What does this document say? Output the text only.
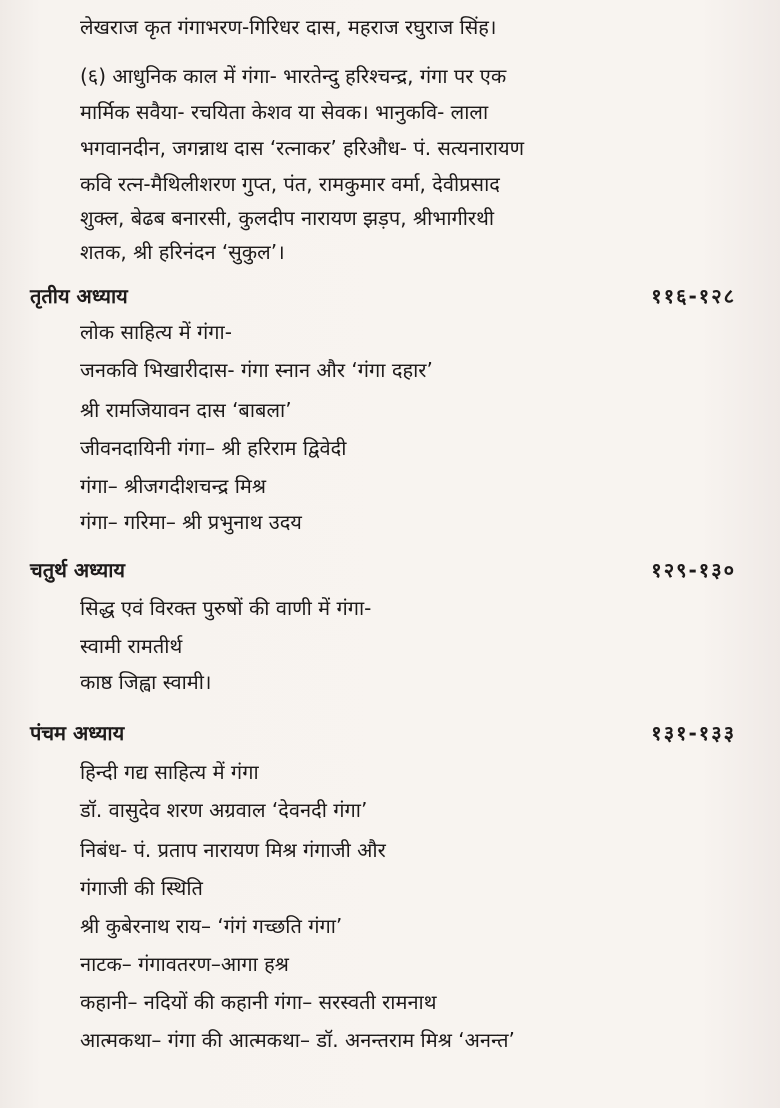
लेखराज कृत गंगाभरण-गिरिधर दास, महराज रघुराज सिंह।
(६) आधुनिक काल में गंगा- भारतेन्दु हरिश्चन्द्र, गंगा पर एक
मार्मिक सवैया- रचयिता केशव या सेवक। भानुकवि- लाला
भगवानदीन, जगन्नाथ दास ‘रत्नाकर’ हरिऔध- पं. सत्यनारायण
कवि रत्न-मैथिलीशरण गुप्त, पंत, रामकुमार वर्मा, देवीप्रसाद
शुक्ल, बेढब बनारसी, कुलदीप नारायण झड़प, श्रीभागीरथी
शतक, श्री हरिनंदन ‘सुकुल’।
तृतीय अध्याय	११६-१२८
लोक साहित्य में गंगा-
जनकवि भिखारीदास- गंगा स्नान और ‘गंगा दहार’
श्री रामजियावन दास ‘बाबला’
जीवनदायिनी गंगा– श्री हरिराम द्विवेदी
गंगा– श्रीजगदीशचन्द्र मिश्र
गंगा– गरिमा– श्री प्रभुनाथ उदय
चतुर्थ अध्याय	१२९-१३०
सिद्ध एवं विरक्त पुरुषों की वाणी में गंगा-
स्वामी रामतीर्थ
काष्ठ जिह्वा स्वामी।
पंचम अध्याय	१३१-१३३
हिन्दी गद्य साहित्य में गंगा
डॉ. वासुदेव शरण अग्रवाल ‘देवनदी गंगा’
निबंध- पं. प्रताप नारायण मिश्र गंगाजी और
गंगाजी की स्थिति
श्री कुबेरनाथ राय– ‘गंगं गच्छति गंगा’
नाटक– गंगावतरण–आगा हश्र
कहानी– नदियों की कहानी गंगा– सरस्वती रामनाथ
आत्मकथा– गंगा की आत्मकथा– डॉ. अनन्तराम मिश्र ‘अनन्त’
